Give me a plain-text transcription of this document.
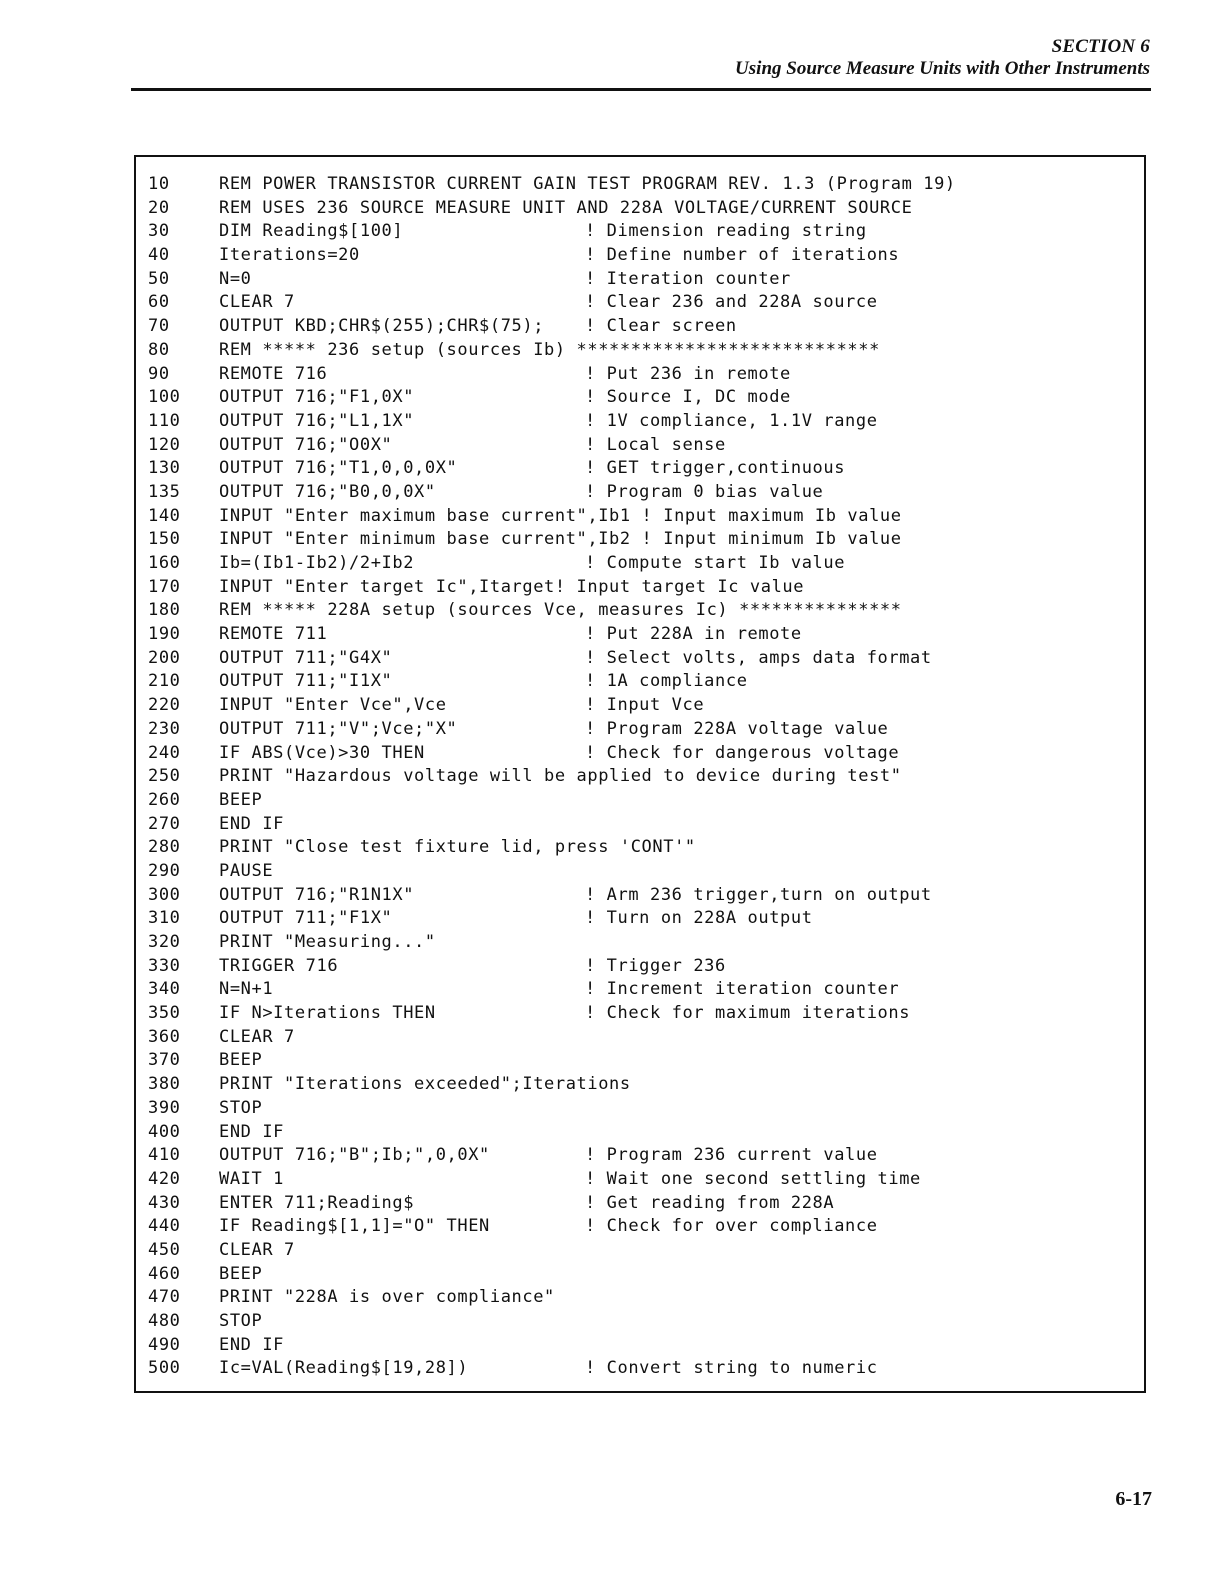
SECTION 6
Using Source Measure Units with Other Instruments
10	REM POWER TRANSISTOR CURRENT GAIN TEST PROGRAM REV. 1.3 (Program 19)
20	REM USES 236 SOURCE MEASURE UNIT AND 228A VOLTAGE/CURRENT SOURCE
30	DIM Reading$[100]	! Dimension reading string
40	Iterations=20	! Define number of iterations
50	N=0	! Iteration counter
60	CLEAR 7	! Clear 236 and 228A source
70	OUTPUT KBD;CHR$(255);CHR$(75); ! Clear screen
80	REM ***** 236 setup (sources Ib) ****************************
90	REMOTE 716	! Put 236 in remote
100 OUTPUT 716;"F1,0X"	! Source I, DC mode
110 OUTPUT 716;"L1,1X"	! 1V compliance, 1.1V range
120 OUTPUT 716;"O0X"	! Local sense
130 OUTPUT 716;"T1,0,0,0X"	! GET trigger,continuous
135 OUTPUT 716;"B0,0,0X"	! Program 0 bias value
140 INPUT "Enter maximum base current",Ib1 ! Input maximum Ib value
150 INPUT "Enter minimum base current",Ib2 ! Input minimum Ib value
160 Ib=(Ib1-Ib2)/2+Ib2	! Compute start Ib value
170 INPUT "Enter target Ic",Itarget! Input target Ic value
180 REM ***** 228A setup (sources Vce, measures Ic) ***************
190 REMOTE 711	! Put 228A in remote
200 OUTPUT 711;"G4X"	! Select volts, amps data format
210 OUTPUT 711;"I1X"	! 1A compliance
220 INPUT "Enter Vce",Vce	! Input Vce
230 OUTPUT 711;"V";Vce;"X"	! Program 228A voltage value
240 IF ABS(Vce)>30 THEN	! Check for dangerous voltage
250 PRINT "Hazardous voltage will be applied to device during test"
260 BEEP
270 END IF
280 PRINT "Close test fixture lid, press 'CONT'"
290 PAUSE
300 OUTPUT 716;"R1N1X"	! Arm 236 trigger,turn on output
310 OUTPUT 711;"F1X"	! Turn on 228A output
320 PRINT "Measuring..."
330 TRIGGER 716	! Trigger 236
340 N=N+1	! Increment iteration counter
350 IF N>Iterations THEN	! Check for maximum iterations
360 CLEAR 7
370 BEEP
380 PRINT "Iterations exceeded";Iterations
390 STOP
400 END IF
410 OUTPUT 716;"B";Ib;",0,0X"	! Program 236 current value
420 WAIT 1	! Wait one second settling time
430 ENTER 711;Reading$	! Get reading from 228A
440 IF Reading$[1,1]="O" THEN	! Check for over compliance
450 CLEAR 7
460 BEEP
470 PRINT "228A is over compliance"
480 STOP
490 END IF
500 Ic=VAL(Reading$[19,28])	! Convert string to numeric
6-17
